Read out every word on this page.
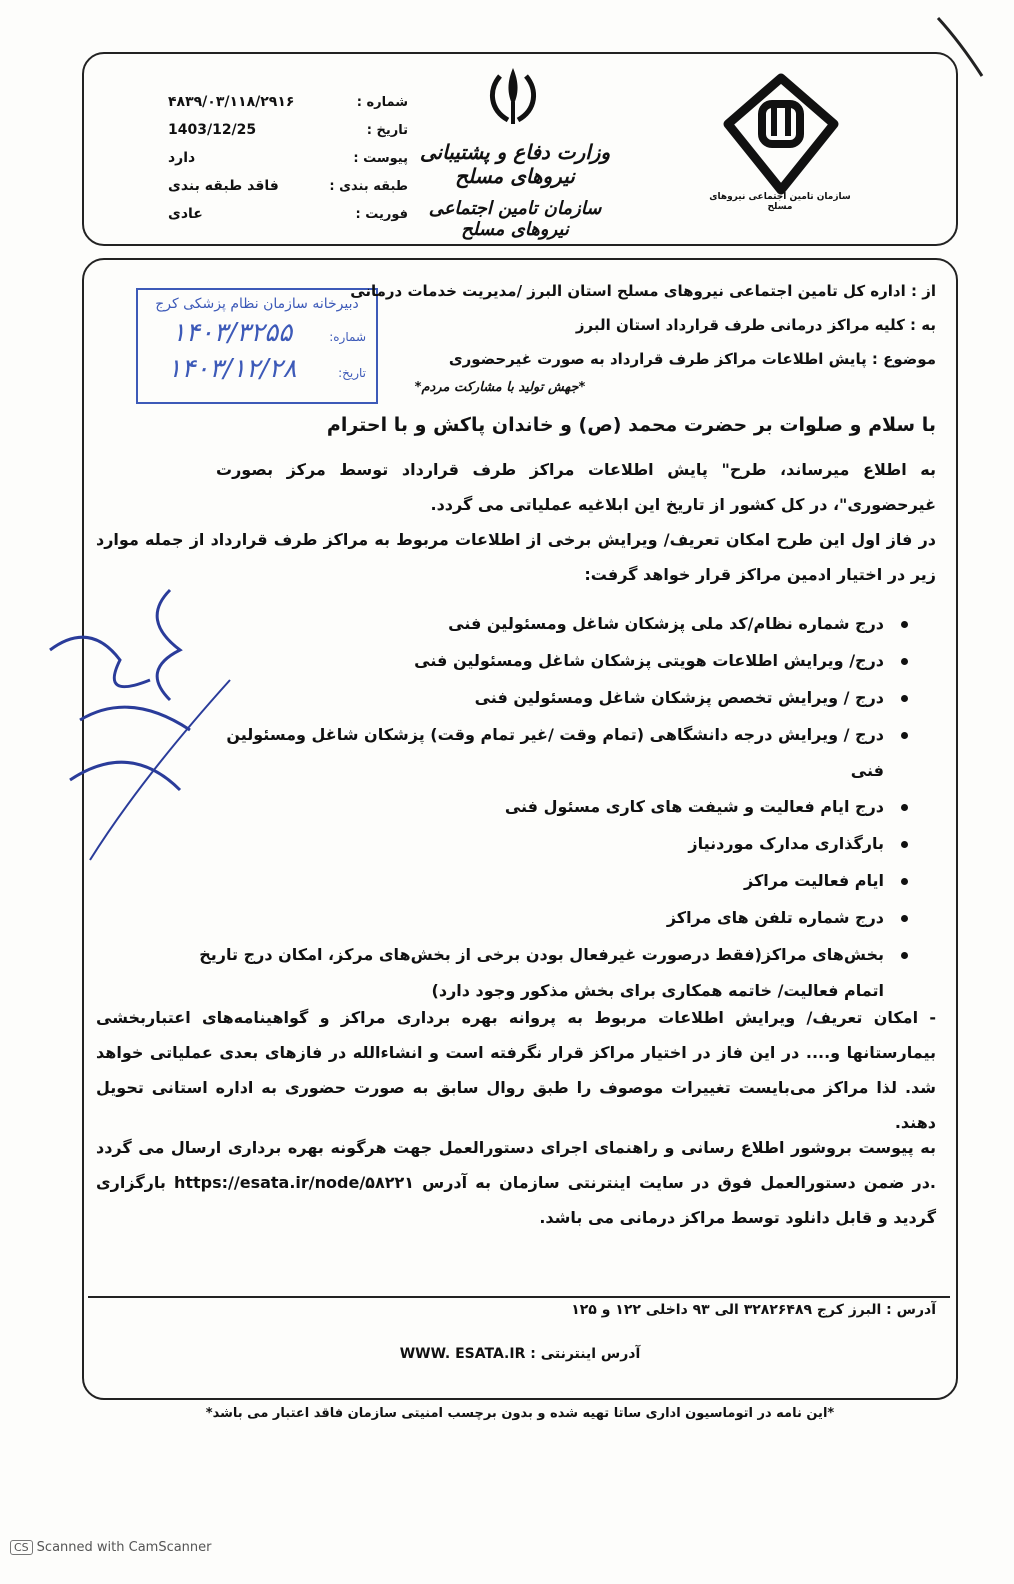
شماره :
۴۸۳۹/۰۳/۱۱۸/۲۹۱۶
تاریخ :
1403/12/25
پیوست :
دارد
طبقه بندی :
فاقد طبقه بندی
فوریت :
عادی
وزارت دفاع و پشتیبانی نیروهای مسلح
سازمان تامین اجتماعی نیروهای مسلح
سازمان تامین اجتماعی نیروهای مسلح
دبیرخانه سازمان نظام پزشکی کرج
شماره:
۱۴۰۳/۳۲۵۵
تاریخ:
۱۴۰۳/۱۲/۲۸
از : اداره کل تامین اجتماعی نیروهای مسلح استان البرز /مدیریت خدمات درمانی
به : کلیه مراکز درمانی طرف قرارداد استان البرز
موضوع : پایش اطلاعات مراکز طرف قرارداد به صورت غیرحضوری
*جهش تولید با مشارکت مردم*
با سلام و صلوات بر حضرت محمد (ص) و خاندان پاکش و با احترام
به اطلاع میرساند، طرح" پایش اطلاعات مراکز طرف قرارداد توسط مرکز بصورت غیرحضوری"، در کل کشور از تاریخ این ابلاغیه عملیاتی می گردد.
در فاز اول این طرح امکان تعریف/ ویرایش برخی از اطلاعات مربوط به مراکز طرف قرارداد از جمله موارد زیر در اختیار ادمین مراکز قرار خواهد گرفت:
درج شماره نظام/کد ملی پزشکان شاغل ومسئولین فنی
درج/ ویرایش اطلاعات هویتی پزشکان شاغل ومسئولین فنی
درج / ویرایش تخصص پزشکان شاغل ومسئولین فنی
درج / ویرایش درجه دانشگاهی (تمام وقت /غیر تمام وقت) پزشکان شاغل ومسئولین فنی
درج ایام فعالیت و شیفت های کاری مسئول فنی
بارگذاری مدارک موردنیاز
ایام فعالیت مراکز
درج شماره تلفن های مراکز
بخش‌های مراکز(فقط درصورت غیرفعال بودن برخی از بخش‌های مرکز، امکان درج تاریخ اتمام فعالیت/ خاتمه همکاری برای بخش مذکور وجود دارد)
- امکان تعریف/ ویرایش اطلاعات مربوط به پروانه بهره برداری مراکز و گواهینامه‌های اعتباربخشی بیمارستانها و.... در این فاز در اختیار مراکز قرار نگرفته است و انشاءالله در فازهای بعدی عملیاتی خواهد شد. لذا مراکز می‌بایست تغییرات موصوف را طبق روال سابق به صورت حضوری به اداره استانی تحویل دهند.
به پیوست بروشور اطلاع رسانی و راهنمای اجرای دستورالعمل جهت هرگونه بهره برداری ارسال می گردد .در ضمن دستورالعمل فوق در سایت اینترنتی سازمان به آدرس https://esata.ir/node/۵۸۲۲۱ بارگزاری گردید و قابل دانلود توسط مراکز درمانی می باشد.
آدرس : البرز کرج ۳۲۸۲۶۴۸۹ الی ۹۳ داخلی ۱۲۲ و ۱۲۵
آدرس اینترنتی : WWW. ESATA.IR
*این نامه در اتوماسیون اداری ساتا تهیه شده و بدون برچسب امنیتی سازمان فاقد اعتبار می باشد*
CS Scanned with CamScanner
